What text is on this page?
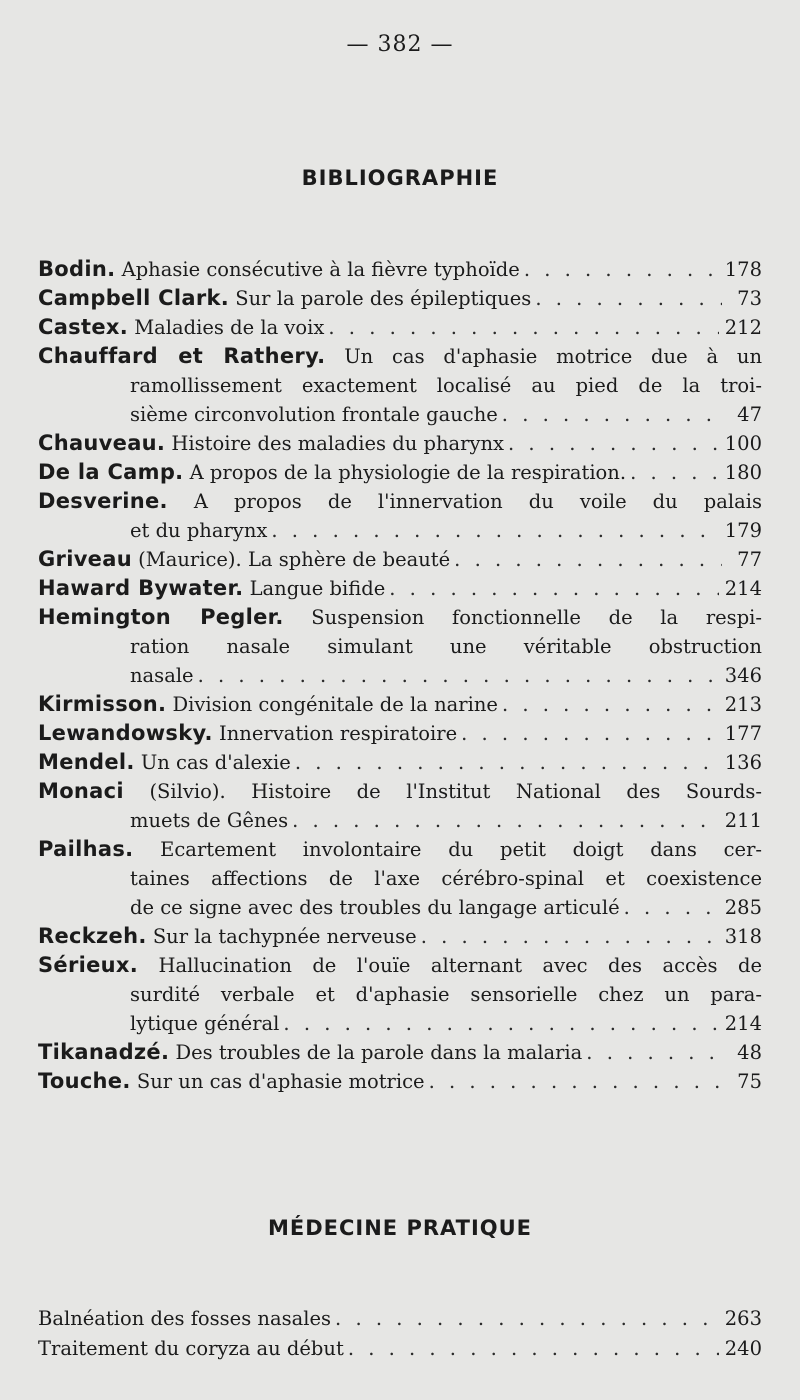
— 382 —
BIBLIOGRAPHIE
Bodin. Aphasie consécutive à la fièvre typhoïde . . .	178
Campbell Clark. Sur la parole des épileptiques . . .	73
Castex. Maladies de la voix . . .	212
Chauffard et Rathery. Un cas d'aphasie motrice due à un
ramollissement exactement localisé au pied de la troi-
sième circonvolution frontale gauche . . .	47
Chauveau. Histoire des maladies du pharynx . . .	100
De la Camp. A propos de la physiologie de la respiration. . . .	180
Desverine. A propos de l'innervation du voile du palais
et du pharynx . . .	179
Griveau (Maurice). La sphère de beauté . . .	77
Haward Bywater. Langue bifide . . .	214
Hemington Pegler. Suspension fonctionnelle de la respi-
ration nasale simulant une véritable obstruction
nasale . . .	346
Kirmisson. Division congénitale de la narine . . .	213
Lewandowsky. Innervation respiratoire . . .	177
Mendel. Un cas d'alexie . . .	136
Monaci (Silvio). Histoire de l'Institut National des Sourds-
muets de Gênes . . .	211
Pailhas. Ecartement involontaire du petit doigt dans cer-
taines affections de l'axe cérébro-spinal et coexistence
de ce signe avec des troubles du langage articulé . . .	285
Reckzeh. Sur la tachypnée nerveuse . . .	318
Sérieux. Hallucination de l'ouïe alternant avec des accès de
surdité verbale et d'aphasie sensorielle chez un para-
lytique général . . .	214
Tikanadzé. Des troubles de la parole dans la malaria . . .	48
Touche. Sur un cas d'aphasie motrice . . .	75
MÉDECINE PRATIQUE
Balnéation des fosses nasales . . .	263
Traitement du coryza au début . . .	240
